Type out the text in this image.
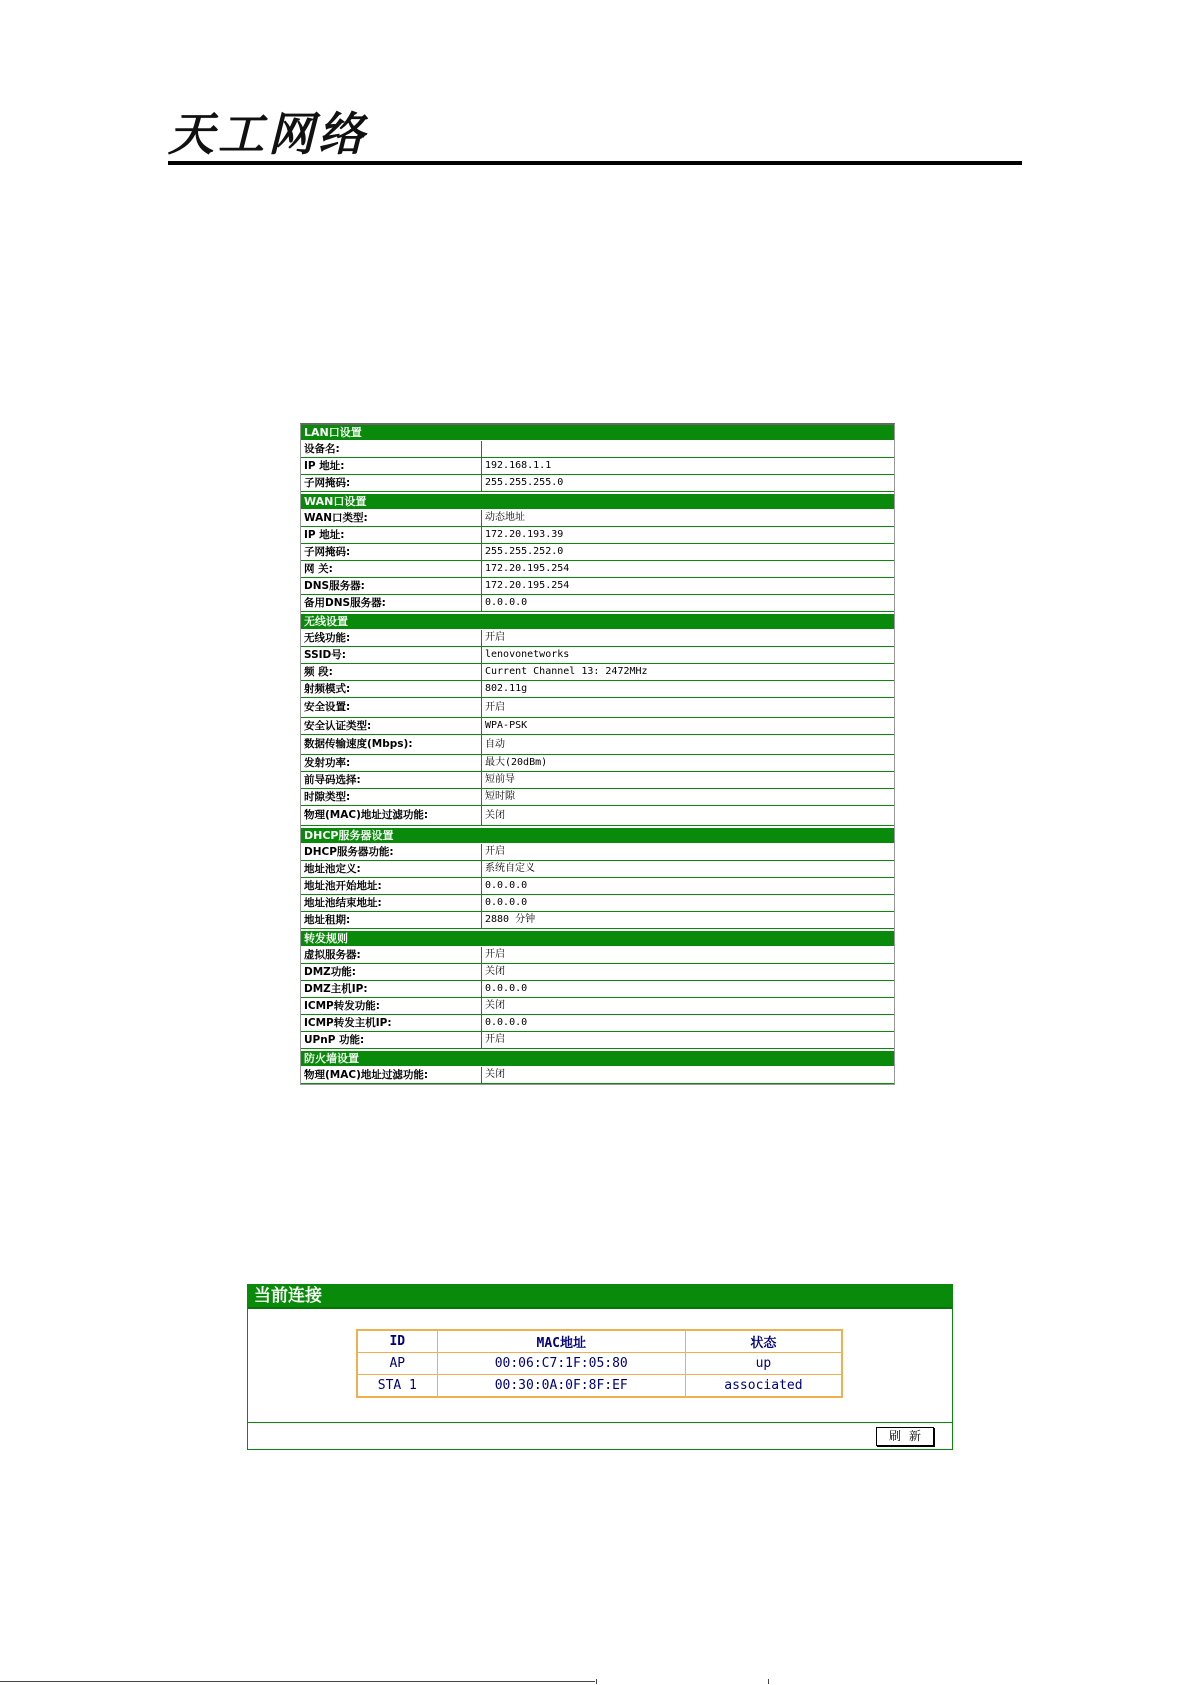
天工网络
LAN口设置
设备名:
IP 地址:	192.168.1.1
子网掩码:	255.255.255.0
WAN口设置
WAN口类型:	动态地址
IP 地址:	172.20.193.39
子网掩码:	255.255.252.0
网 关:	172.20.195.254
DNS服务器:	172.20.195.254
备用DNS服务器:	0.0.0.0
无线设置
无线功能:	开启
SSID号:	lenovonetworks
频 段:	Current Channel 13: 2472MHz
射频模式:	802.11g
安全设置:	开启
安全认证类型:	WPA-PSK
数据传输速度(Mbps):	自动
发射功率:	最大(20dBm)
前导码选择:	短前导
时隙类型:	短时隙
物理(MAC)地址过滤功能:	关闭
DHCP服务器设置
DHCP服务器功能:	开启
地址池定义:	系统自定义
地址池开始地址:	0.0.0.0
地址池结束地址:	0.0.0.0
地址租期:	2880 分钟
转发规则
虚拟服务器:	开启
DMZ功能:	关闭
DMZ主机IP:	0.0.0.0
ICMP转发功能:	关闭
ICMP转发主机IP:	0.0.0.0
UPnP 功能:	开启
防火墙设置
物理(MAC)地址过滤功能:	关闭
当前连接
ID	MAC地址	状态
AP	00:06:C7:1F:05:80	up
STA 1	00:30:0A:0F:8F:EF	associated
刷新
